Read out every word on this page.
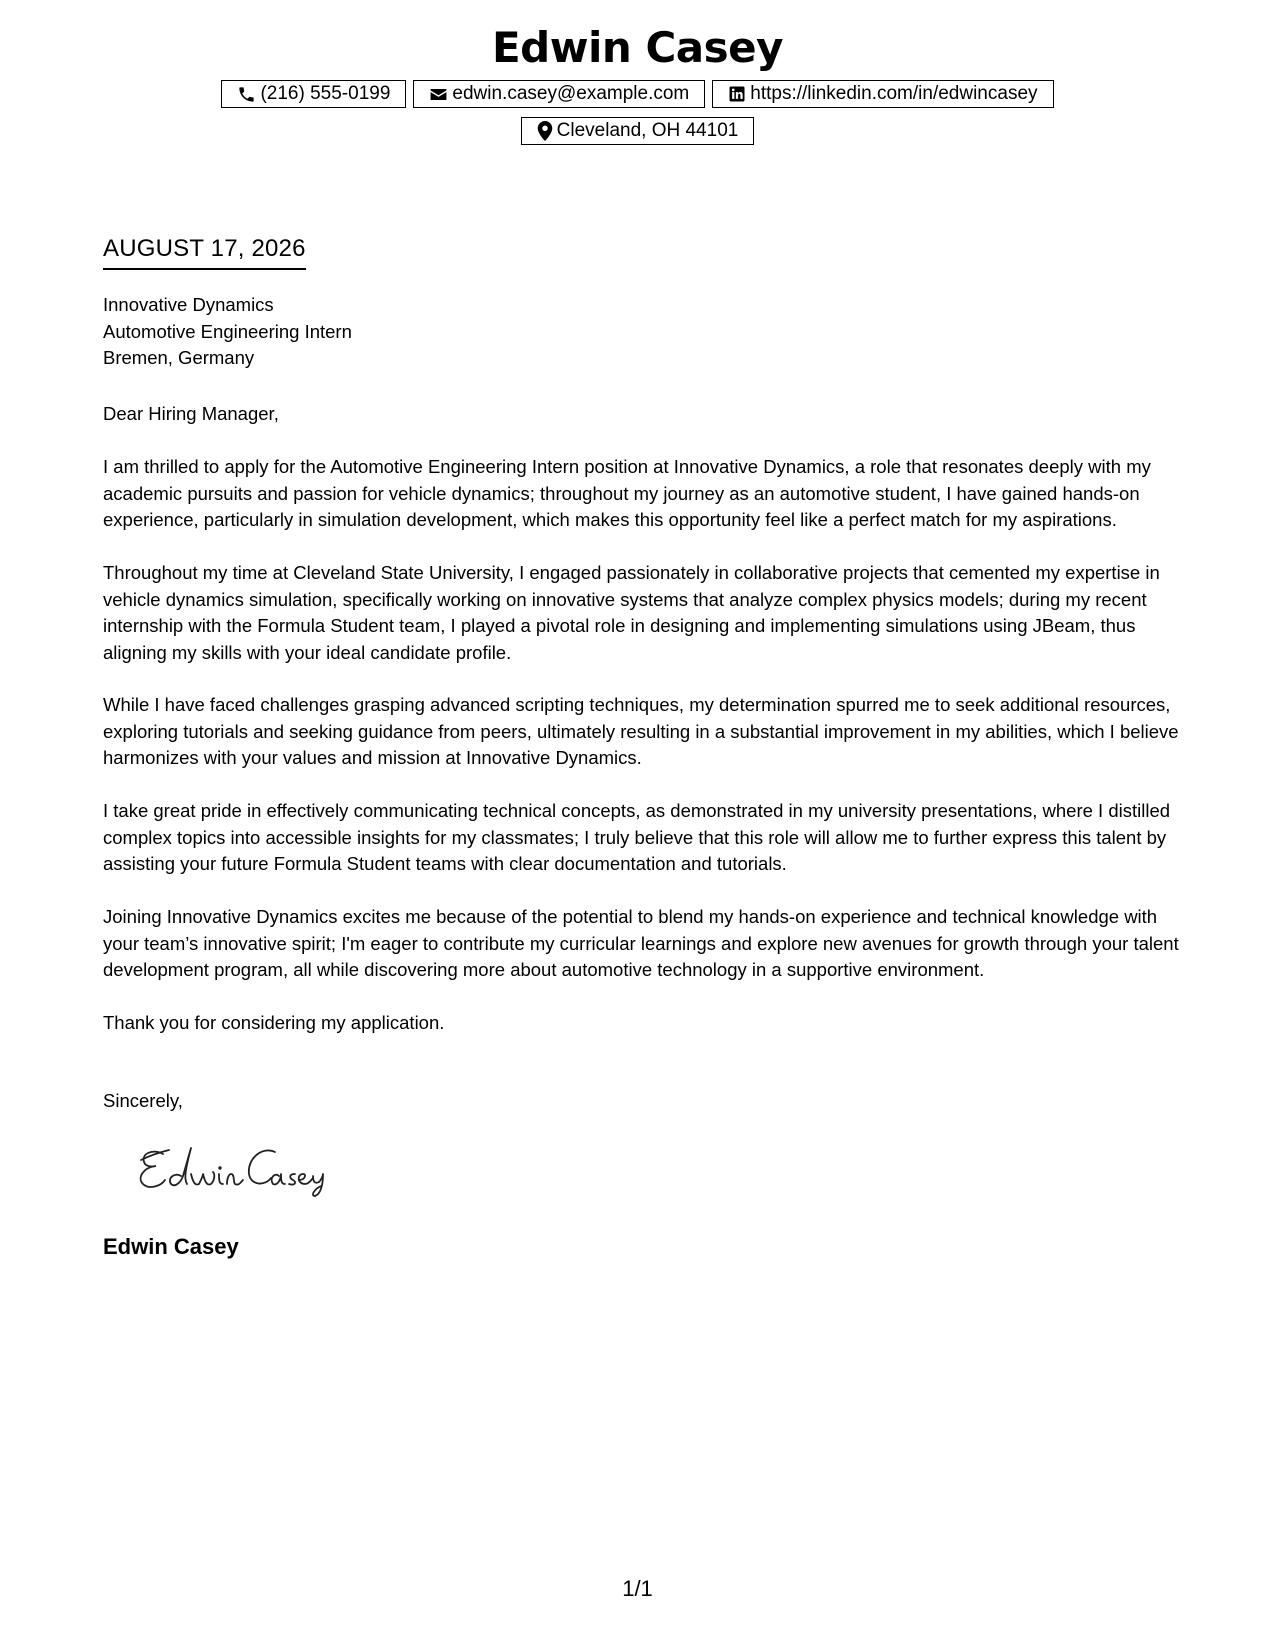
Edwin Casey
(216) 555-0199	edwin.casey@example.com	https://linkedin.com/in/edwincasey
Cleveland, OH 44101
AUGUST 17, 2026
Innovative Dynamics
Automotive Engineering Intern
Bremen, Germany
Dear Hiring Manager,

I am thrilled to apply for the Automotive Engineering Intern position at Innovative Dynamics, a role that resonates deeply with my academic pursuits and passion for vehicle dynamics; throughout my journey as an automotive student, I have gained hands-on experience, particularly in simulation development, which makes this opportunity feel like a perfect match for my aspirations.

Throughout my time at Cleveland State University, I engaged passionately in collaborative projects that cemented my expertise in vehicle dynamics simulation, specifically working on innovative systems that analyze complex physics models; during my recent internship with the Formula Student team, I played a pivotal role in designing and implementing simulations using JBeam, thus aligning my skills with your ideal candidate profile.

While I have faced challenges grasping advanced scripting techniques, my determination spurred me to seek additional resources, exploring tutorials and seeking guidance from peers, ultimately resulting in a substantial improvement in my abilities, which I believe harmonizes with your values and mission at Innovative Dynamics.

I take great pride in effectively communicating technical concepts, as demonstrated in my university presentations, where I distilled complex topics into accessible insights for my classmates; I truly believe that this role will allow me to further express this talent by assisting your future Formula Student teams with clear documentation and tutorials.

Joining Innovative Dynamics excites me because of the potential to blend my hands-on experience and technical knowledge with your team’s innovative spirit; I'm eager to contribute my curricular learnings and explore new avenues for growth through your talent development program, all while discovering more about automotive technology in a supportive environment.

Thank you for considering my application.

Sincerely,
Edwin Casey
1/1
